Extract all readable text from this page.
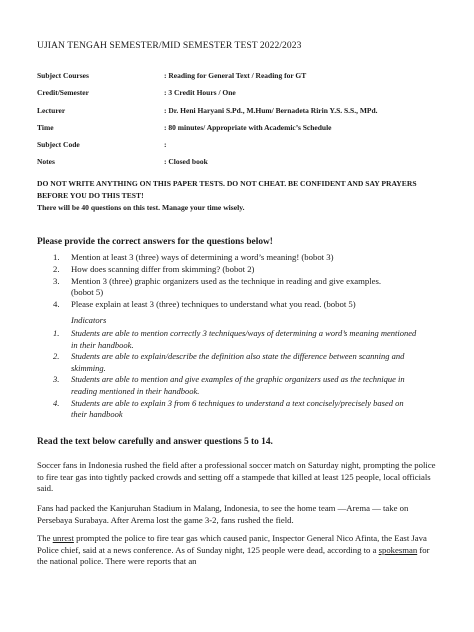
UJIAN TENGAH SEMESTER/MID SEMESTER TEST 2022/2023
Subject Courses	: Reading for General Text / Reading for GT
Credit/Semester	: 3 Credit Hours / One
Lecturer	: Dr. Heni Haryani S.Pd., M.Hum/ Bernadeta Ririn Y.S. S.S., MPd.
Time	: 80 minutes/ Appropriate with Academic’s Schedule
Subject Code	:
Notes	: Closed book
DO NOT WRITE ANYTHING ON THIS PAPER TESTS. DO NOT CHEAT. BE CONFIDENT AND SAY PRAYERS BEFORE YOU DO THIS TEST!
There will be 40 questions on this test. Manage your time wisely.
Please provide the correct answers for the questions below!
1. Mention at least 3 (three) ways of determining a word’s meaning! (bobot 3)
2. How does scanning differ from skimming? (bobot 2)
3. Mention 3 (three) graphic organizers used as the technique in reading and give examples. (bobot 5)
4. Please explain at least 3 (three) techniques to understand what you read. (bobot 5)
Indicators
1. Students are able to mention correctly 3 techniques/ways of determining a word’s meaning mentioned in their handbook.
2. Students are able to explain/describe the definition also state the difference between scanning and skimming.
3. Students are able to mention and give examples of the graphic organizers used as the technique in reading mentioned in their handbook.
4. Students are able to explain 3 from 6 techniques to understand a text concisely/precisely based on their handbook
Read the text below carefully and answer questions 5 to 14.
Soccer fans in Indonesia rushed the field after a professional soccer match on Saturday night, prompting the police to fire tear gas into tightly packed crowds and setting off a stampede that killed at least 125 people, local officials said.
Fans had packed the Kanjuruhan Stadium in Malang, Indonesia, to see the home team —Arema — take on Persebaya Surabaya. After Arema lost the game 3-2, fans rushed the field.
The unrest prompted the police to fire tear gas which caused panic, Inspector General Nico Afinta, the East Java Police chief, said at a news conference. As of Sunday night, 125 people were dead, according to a spokesman for the national police. There were reports that an
